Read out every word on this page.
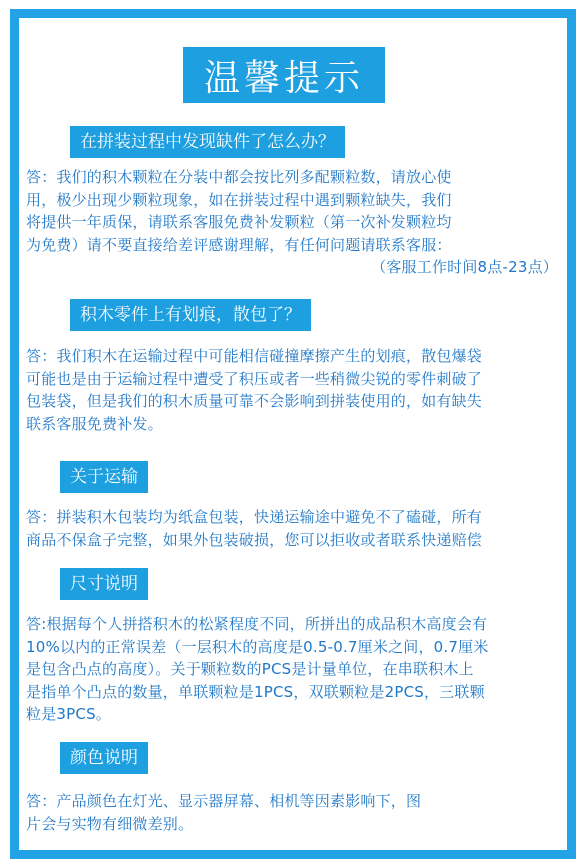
温馨提示
在拼装过程中发现缺件了怎么办？

答：我们的积木颗粒在分装中都会按比列多配颗粒数，请放心使

用，极少出现少颗粒现象，如在拼装过程中遇到颗粒缺失，我们

将提供一年质保，请联系客服免费补发颗粒（第一次补发颗粒均

为免费）请不要直接给差评感谢理解，有任何问题请联系客服：

（客服工作时间8点-23点）

积木零件上有划痕，散包了？

答：我们积木在运输过程中可能相信碰撞摩擦产生的划痕，散包爆袋

可能也是由于运输过程中遭受了积压或者一些稍微尖锐的零件刺破了

包装袋，但是我们的积木质量可靠不会影响到拼装使用的，如有缺失

联系客服免费补发。

关于运输

答：拼装积木包装均为纸盒包装，快递运输途中避免不了磕碰，所有

商品不保盒子完整，如果外包装破损，您可以拒收或者联系快递赔偿

尺寸说明

答:根据每个人拼搭积木的松紧程度不同，所拼出的成品积木高度会有

10%以内的正常误差（一层积木的高度是0.5-0.7厘米之间，0.7厘米

是包含凸点的高度）。关于颗粒数的PCS是计量单位，在串联积木上

是指单个凸点的数量，单联颗粒是1PCS，双联颗粒是2PCS，三联颗

粒是3PCS。

颜色说明

答：产品颜色在灯光、显示器屏幕、相机等因素影响下，图

片会与实物有细微差别。
